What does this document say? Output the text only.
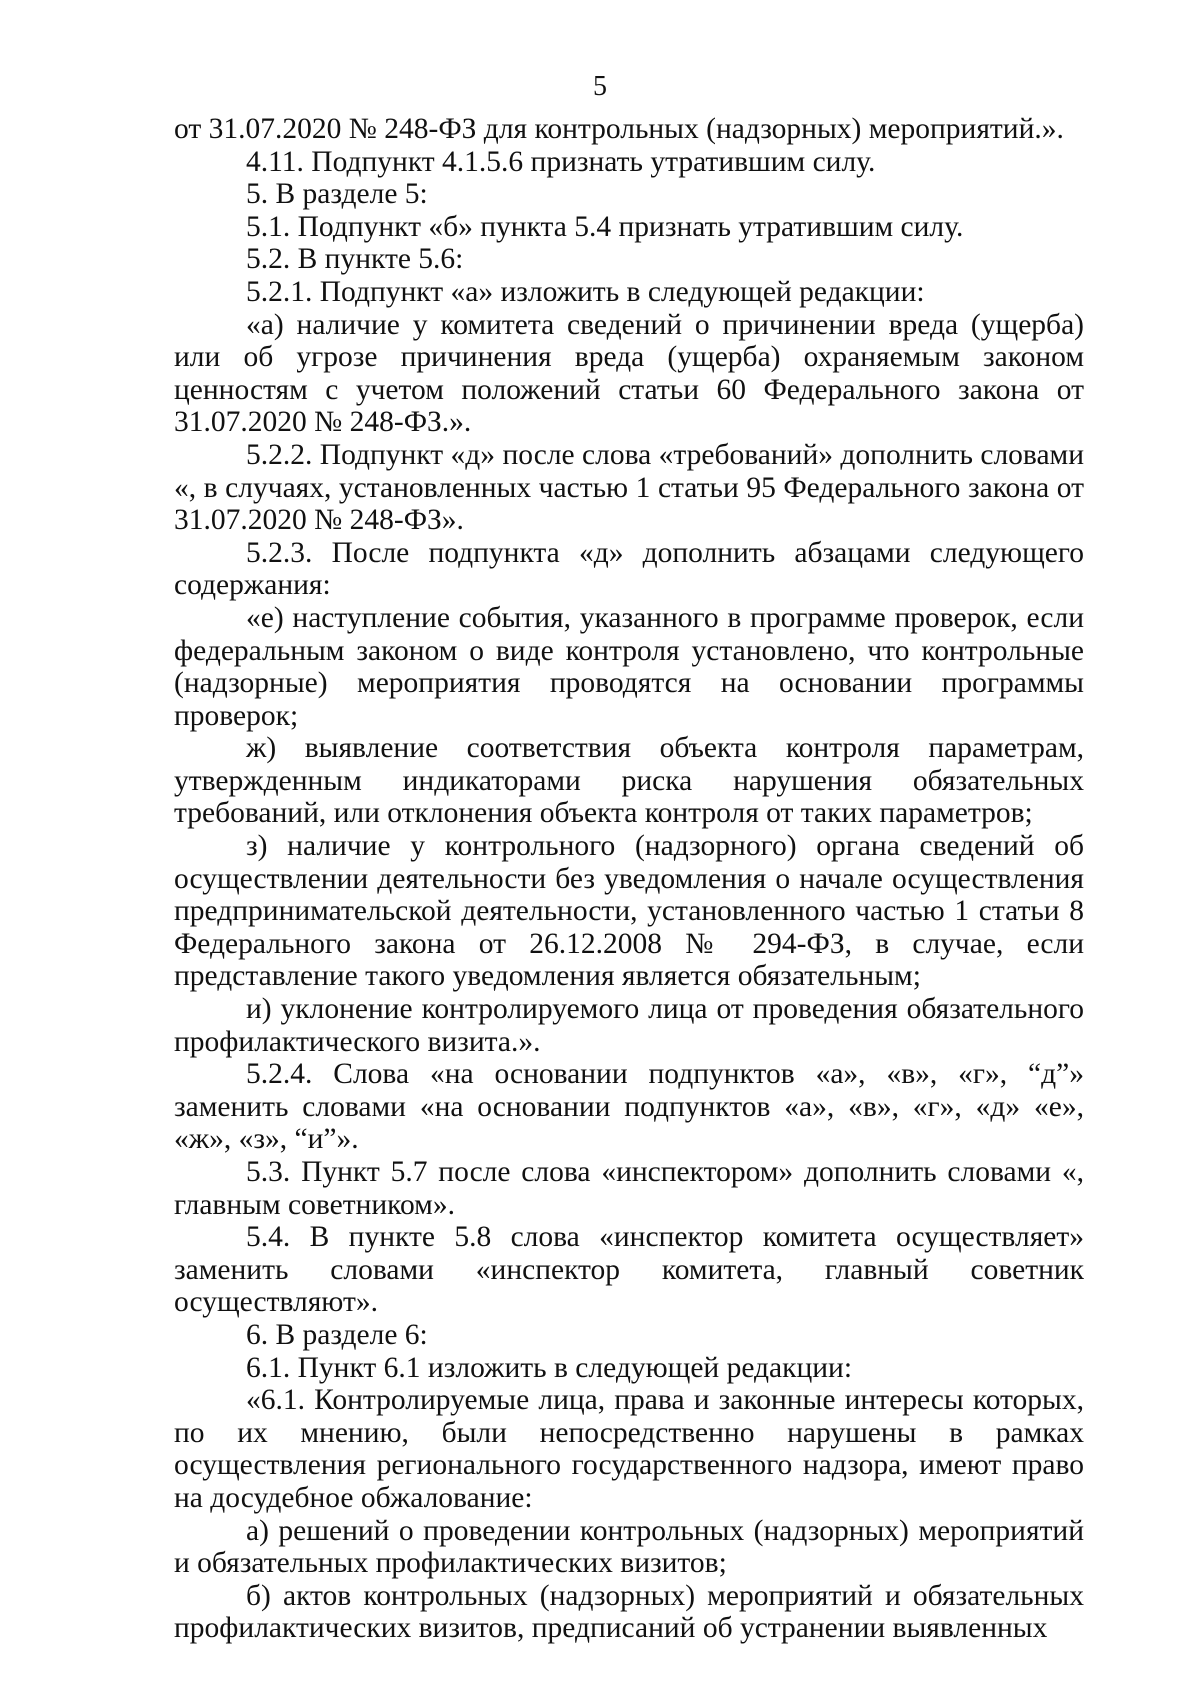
5

от 31.07.2020 № 248-ФЗ для контрольных (надзорных) мероприятий.».

4.11. Подпункт 4.1.5.6 признать утратившим силу.

5. В разделе 5:

5.1. Подпункт «б» пункта 5.4 признать утратившим силу.

5.2. В пункте 5.6:

5.2.1. Подпункт «а» изложить в следующей редакции:

«а) наличие у комитета сведений о причинении вреда (ущерба) или об угрозе причинения вреда (ущерба) охраняемым законом ценностям с учетом положений статьи 60 Федерального закона от 31.07.2020 № 248-ФЗ.».

5.2.2. Подпункт «д» после слова «требований» дополнить словами «, в случаях, установленных частью 1 статьи 95 Федерального закона от 31.07.2020 № 248-ФЗ».

5.2.3. После подпункта «д» дополнить абзацами следующего содержания:

«е) наступление события, указанного в программе проверок, если федеральным законом о виде контроля установлено, что контрольные (надзорные) мероприятия проводятся на основании программы проверок;

ж) выявление соответствия объекта контроля параметрам, утвержденным индикаторами риска нарушения обязательных требований, или отклонения объекта контроля от таких параметров;

з) наличие у контрольного (надзорного) органа сведений об осуществлении деятельности без уведомления о начале осуществления предпринимательской деятельности, установленного частью 1 статьи 8 Федерального закона от 26.12.2008 № 294-ФЗ, в случае, если представление такого уведомления является обязательным;

и) уклонение контролируемого лица от проведения обязательного профилактического визита.».

5.2.4. Слова «на основании подпунктов «а», «в», «г», “д”» заменить словами «на основании подпунктов «а», «в», «г», «д» «е», «ж», «з», “и”».

5.3. Пункт 5.7 после слова «инспектором» дополнить словами «, главным советником».

5.4. В пункте 5.8 слова «инспектор комитета осуществляет» заменить словами «инспектор комитета, главный советник осуществляют».

6. В разделе 6:

6.1. Пункт 6.1 изложить в следующей редакции:

«6.1. Контролируемые лица, права и законные интересы которых, по их мнению, были непосредственно нарушены в рамках осуществления регионального государственного надзора, имеют право на досудебное обжалование:

а) решений о проведении контрольных (надзорных) мероприятий и обязательных профилактических визитов;

б) актов контрольных (надзорных) мероприятий и обязательных профилактических визитов, предписаний об устранении выявленных
